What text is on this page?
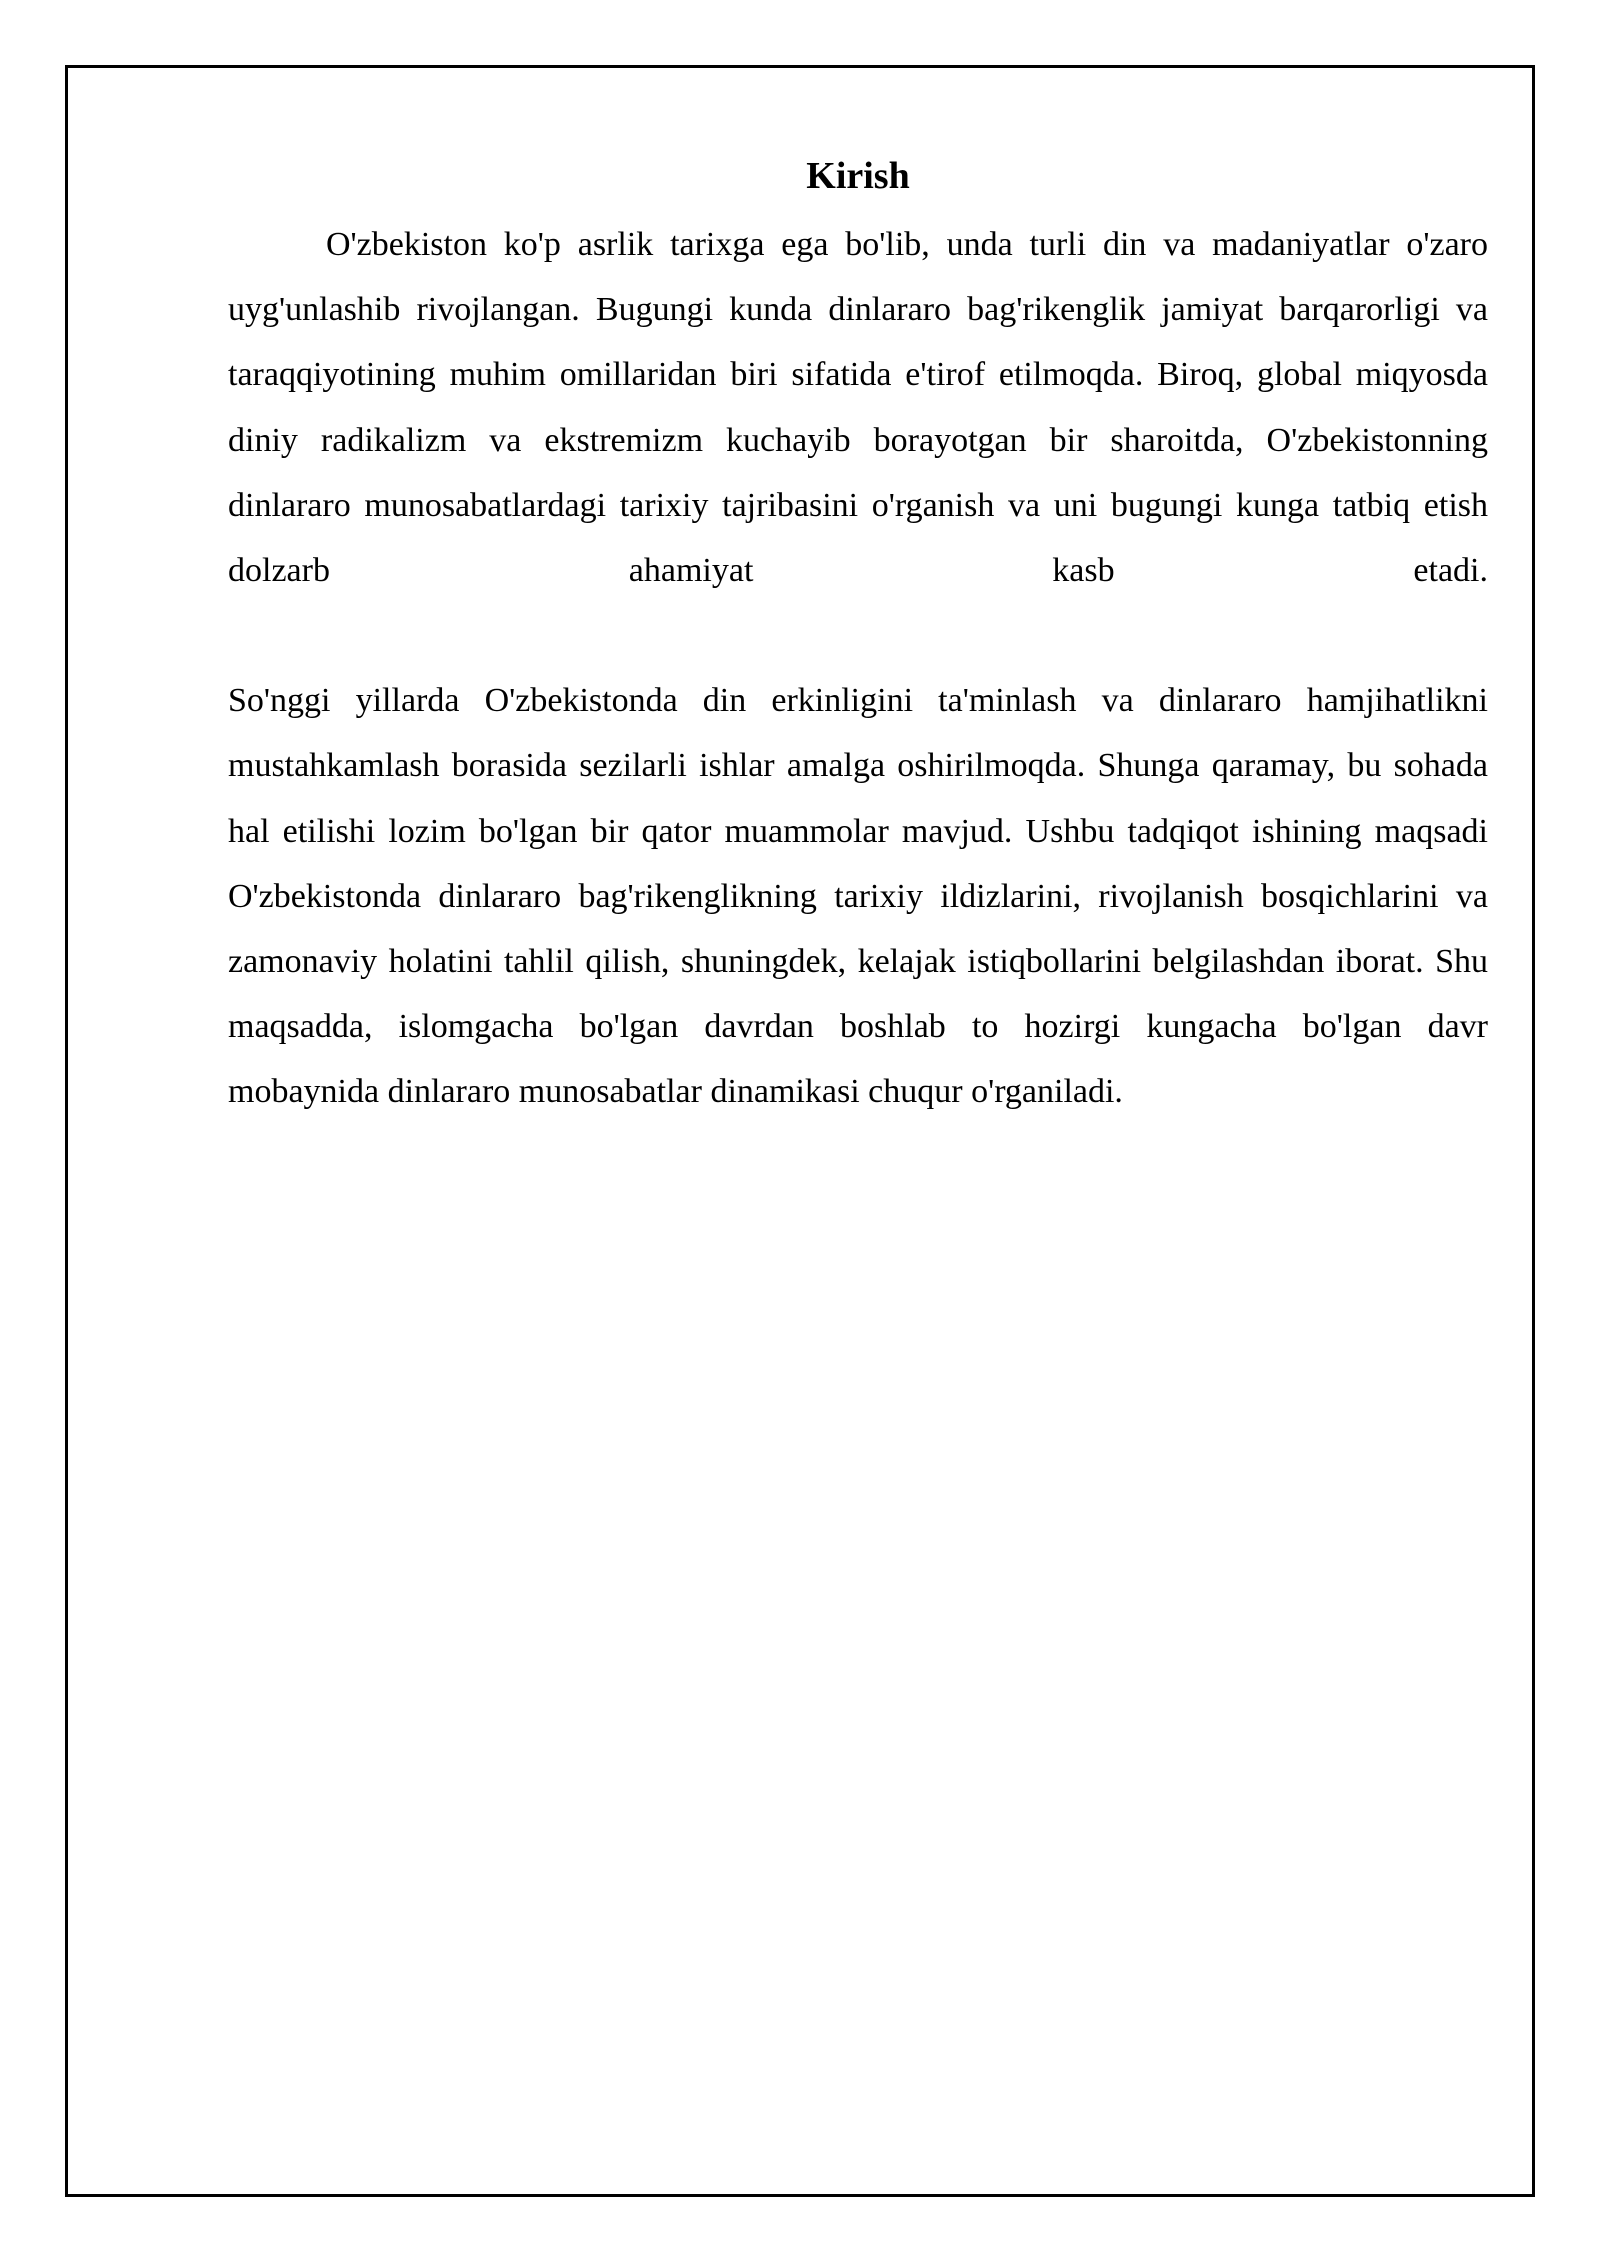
Kirish

O'zbekiston ko'p asrlik tarixga ega bo'lib, unda turli din va madaniyatlar o'zaro uyg'unlashib rivojlangan. Bugungi kunda dinlararo bag'rikenglik jamiyat barqarorligi va taraqqiyotining muhim omillaridan biri sifatida e'tirof etilmoqda. Biroq, global miqyosda diniy radikalizm va ekstremizm kuchayib borayotgan bir sharoitda, O'zbekistonning dinlararo munosabatlardagi tarixiy tajribasini o'rganish va uni bugungi kunga tatbiq etish dolzarb ahamiyat kasb etadi.

So'nggi yillarda O'zbekistonda din erkinligini ta'minlash va dinlararo hamjihatlikni mustahkamlash borasida sezilarli ishlar amalga oshirilmoqda. Shunga qaramay, bu sohada hal etilishi lozim bo'lgan bir qator muammolar mavjud. Ushbu tadqiqot ishining maqsadi O'zbekistonda dinlararo bag'rikenglikning tarixiy ildizlarini, rivojlanish bosqichlarini va zamonaviy holatini tahlil qilish, shuningdek, kelajak istiqbollarini belgilashdan iborat. Shu maqsadda, islomgacha bo'lgan davrdan boshlab to hozirgi kungacha bo'lgan davr mobaynida dinlararo munosabatlar dinamikasi chuqur o'rganiladi.
